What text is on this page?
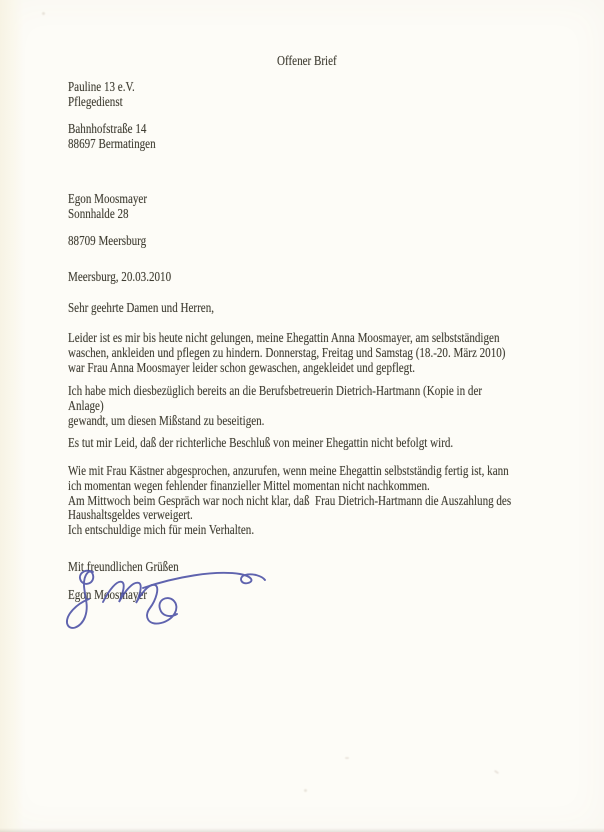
Offener Brief
Pauline 13 e.V.
Pflegedienst
Bahnhofstraße 14
88697 Bermatingen
Egon Moosmayer
Sonnhalde 28
88709 Meersburg
Meersburg, 20.03.2010
Sehr geehrte Damen und Herren,
Leider ist es mir bis heute nicht gelungen, meine Ehegattin Anna Moosmayer, am selbstständigen
waschen, ankleiden und pflegen zu hindern. Donnerstag, Freitag und Samstag (18.-20. März 2010)
war Frau Anna Moosmayer leider schon gewaschen, angekleidet und gepflegt.
Ich habe mich diesbezüglich bereits an die Berufsbetreuerin Dietrich-Hartmann (Kopie in der
Anlage)
gewandt, um diesen Mißstand zu beseitigen.
Es tut mir Leid, daß der richterliche Beschluß von meiner Ehegattin nicht befolgt wird.
Wie mit Frau Kästner abgesprochen, anzurufen, wenn meine Ehegattin selbstständig fertig ist, kann
ich momentan wegen fehlender finanzieller Mittel momentan nicht nachkommen.
Am Mittwoch beim Gespräch war noch nicht klar, daß  Frau Dietrich-Hartmann die Auszahlung des
Haushaltsgeldes verweigert.
Ich entschuldige mich für mein Verhalten.
Mit freundlichen Grüßen
Egon Moosmayer
